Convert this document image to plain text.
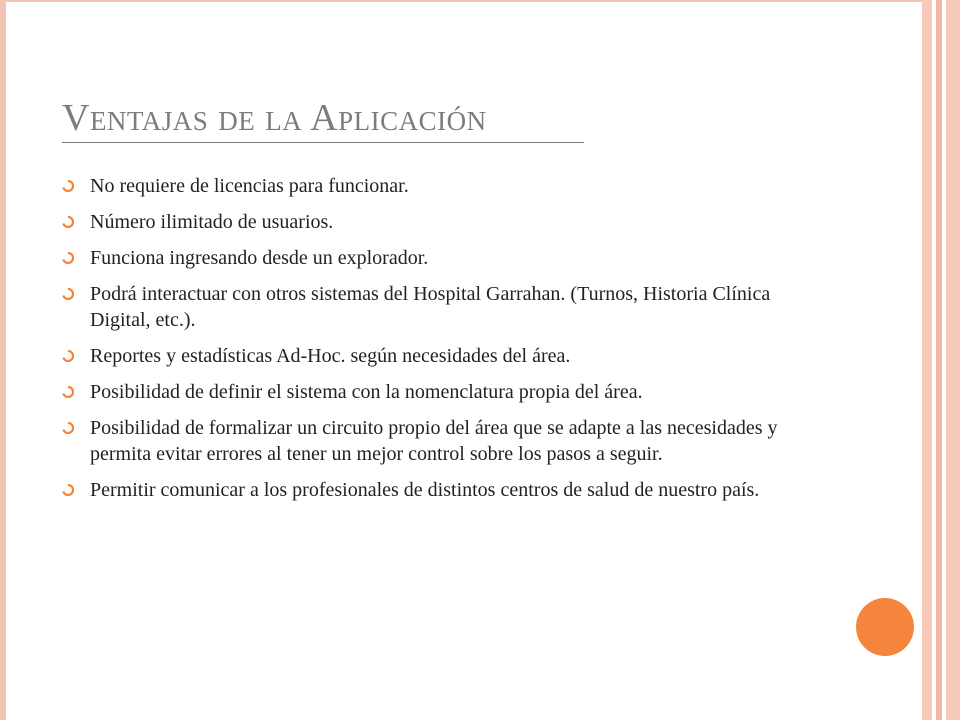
Ventajas de la Aplicación
No requiere de licencias para funcionar.
Número ilimitado de usuarios.
Funciona ingresando desde un explorador.
Podrá interactuar con otros sistemas del Hospital Garrahan. (Turnos, Historia Clínica Digital, etc.).
Reportes y estadísticas Ad-Hoc. según necesidades del área.
Posibilidad de definir el sistema con la nomenclatura propia del área.
Posibilidad de formalizar un circuito propio del área que se adapte a las necesidades y permita evitar errores al tener un mejor control sobre los pasos a seguir.
Permitir comunicar a los profesionales de distintos centros de salud de nuestro país.
